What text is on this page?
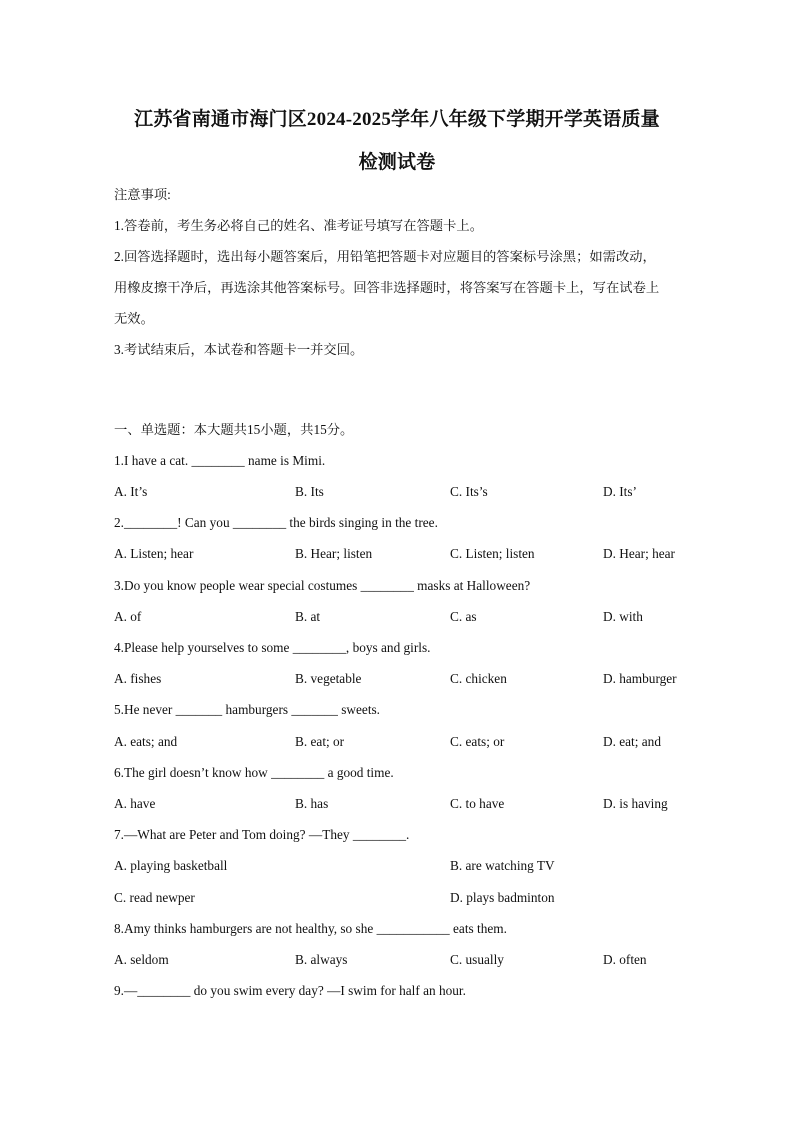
江苏省南通市海门区2024-2025学年八年级下学期开学英语质量
检测试卷
注意事项:
1.答卷前，考生务必将自己的姓名、准考证号填写在答题卡上。
2.回答选择题时，选出每小题答案后，用铅笔把答题卡对应题目的答案标号涂黑；如需改动，
用橡皮擦干净后，再选涂其他答案标号。回答非选择题时，将答案写在答题卡上，写在试卷上
无效。
3.考试结束后，本试卷和答题卡一并交回。
一、单选题：本大题共15小题，共15分。
1.I have a cat. ________ name is Mimi.
A. It’s	B. Its	C. Its’s	D. Its’
2.________! Can you ________ the birds singing in the tree.
A. Listen; hear	B. Hear; listen	C. Listen; listen	D. Hear; hear
3.Do you know people wear special costumes ________ masks at Halloween?
A. of	B. at	C. as	D. with
4.Please help yourselves to some ________, boys and girls.
A. fishes	B. vegetable	C. chicken	D. hamburger
5.He never _______ hamburgers _______ sweets.
A. eats; and	B. eat; or	C. eats; or	D. eat; and
6.The girl doesn’t know how ________ a good time.
A. have	B. has	C. to have	D. is having
7.—What are Peter and Tom doing? —They ________.
A. playing basketball	B. are watching TV
C. read newper	D. plays badminton
8.Amy thinks hamburgers are not healthy, so she ___________ eats them.
A. seldom	B. always	C. usually	D. often
9.—________ do you swim every day? —I swim for half an hour.
